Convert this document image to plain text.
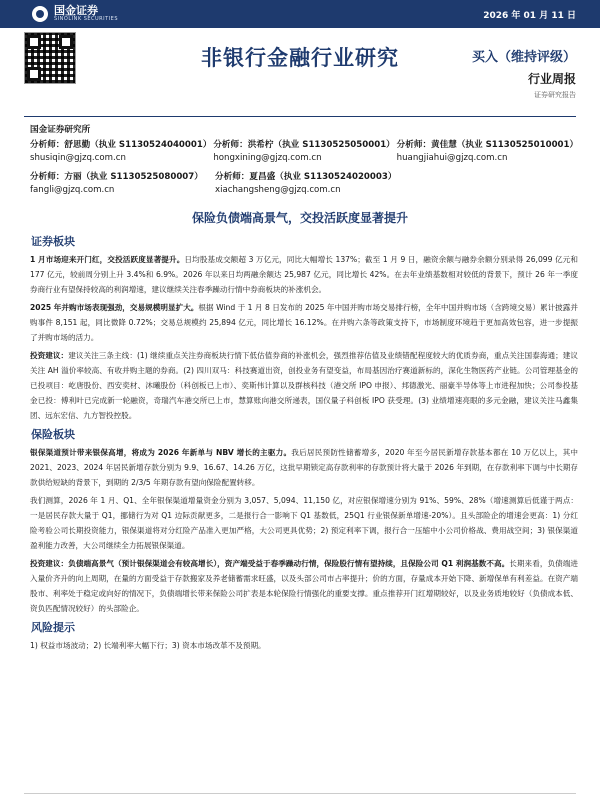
国金证券
SINOLINK SECURITIES	2026 年 01 月 11 日
非银行金融行业研究	买入（维持评级）
行业周报
证券研究报告
国金证券研究所
分析师：舒思勤（执业 S1130524040001）
shusiqin@gjzq.com.cn
分析师：洪希柠（执业 S1130525050001）
hongxining@gjzq.com.cn
分析师：黄佳慧（执业 S1130525010001）
huangjiahui@gjzq.com.cn
分析师：方丽（执业 S1130525080007）
fangli@gjzq.com.cn
分析师：夏昌盛（执业 S1130524020003）
xiachangsheng@gjzq.com.cn
保险负债端高景气，交投活跃度显著提升
证券板块

1 月市场迎来开门红，交投活跃度显著提升。日均股基成交额超 3 万亿元，同比大幅增长 137%；截至 1 月 9 日，融资余额与融券余额分别录得 26,099 亿元和 177 亿元，较前周分别上升 3.4%和 6.9%。2026 年以来日均两融余额达 25,987 亿元，同比增长 42%。在去年业绩基数相对较低的背景下，预计 26 年一季度券商行业有望保持较高的利润增速，建议继续关注春季躁动行情中券商板块的补涨机会。

2025 年并购市场表现强劲，交易规模明显扩大。根据 Wind 于 1 月 8 日发布的 2025 年中国并购市场交易排行榜，全年中国并购市场（含跨境交易）累计披露并购事件 8,151 起，同比微降 0.72%；交易总规模约 25,894 亿元，同比增长 16.12%。在并购六条等政策支持下，市场制度环境趋于更加高效包容，进一步提振了并购市场的活力。

投资建议：建议关注三条主线：(1) 继续重点关注券商板块行情下低估值券商的补涨机会，强烈推荐估值及业绩错配程度较大的优质券商，重点关注国泰海通；建议关注 AH 溢价率较高、有收并购主题的券商。(2) 四川双马：科技赛道出资，创投业务有望变益，布局基因治疗赛道新标的，深化生物医药产业链。公司管理基金的已投项目：屹唐股份、西安奕材、沐曦股份（科创板已上市）、奕斯伟计算以及群核科技（港交所 IPO 申报）、邦德激光、丽豪半导体等上市进程加快；公司参投基金已投：傅利叶已完成新一轮融资，奇瑞汽车港交所已上市，慧算账向港交所递表，国仪量子科创板 IPO 获受理。(3) 业绩增速亮眼的多元金融，建议关注马鑫集团、远东宏信、九方智投控股。

保险板块

银保渠道预计带来银保高增，将成为 2026 年新单与 NBV 增长的主驱力。我后居民预防性储蓄增多，2020 年至今居民新增存款基本都在 10 万亿以上，其中 2021、2023、2024 年居民新增存款分别为 9.9、16.67、14.26 万亿，这批早期锁定高存款利率的存款预计将大量于 2026 年到期，在存款利率下调与中长期存款供给短缺的背景下，到期的 2/3/5 年期存款有望向保险配置转移。

我们测算，2026 年 1 月、Q1、全年银保渠道增量资金分别为 3,057、5,094、11,150 亿，对应银保增速分别为 91%、59%、28%（增速测算后低谨于两点：一是居民存款大量于 Q1，挪储行为对 Q1 边际贡献更多，二是报行合一影响下 Q1 基数低，25Q1 行业银保新单增速-20%）。且头部险企的增速会更高：1) 分红险考验公司长期投资能力，银保渠道将对分红险产品准入更加严格，大公司更具优势；2) 预定利率下调，报行合一压缩中小公司价格战、费用战空间；3) 银保渠道盈利能力改善，大公司继续全力拓展银保渠道。

投资建议：负债端高景气（预计银保渠道会有较高增长），资产端受益于春季躁动行情，保险股行情有望持续，且保险公司 Q1 利润基数不高。长期来看，负债端进入量价齐升的向上周期，在量的方面受益于存款搬家及养老储蓄需求旺盛，以及头部公司市占率提升；价的方面，存量成本开始下降、新增保单有利差益。在资产端股市、利率处于稳定或向好的情况下，负债端增长带来保险公司扩表是本轮保险行情强化的重要支撑。重点推荐开门红增期较好，以及业务质地较好（负债成本低、资负匹配情况较好）的头部险企。

风险提示

1) 权益市场波动；2) 长端利率大幅下行；3) 资本市场改革不及预期。
